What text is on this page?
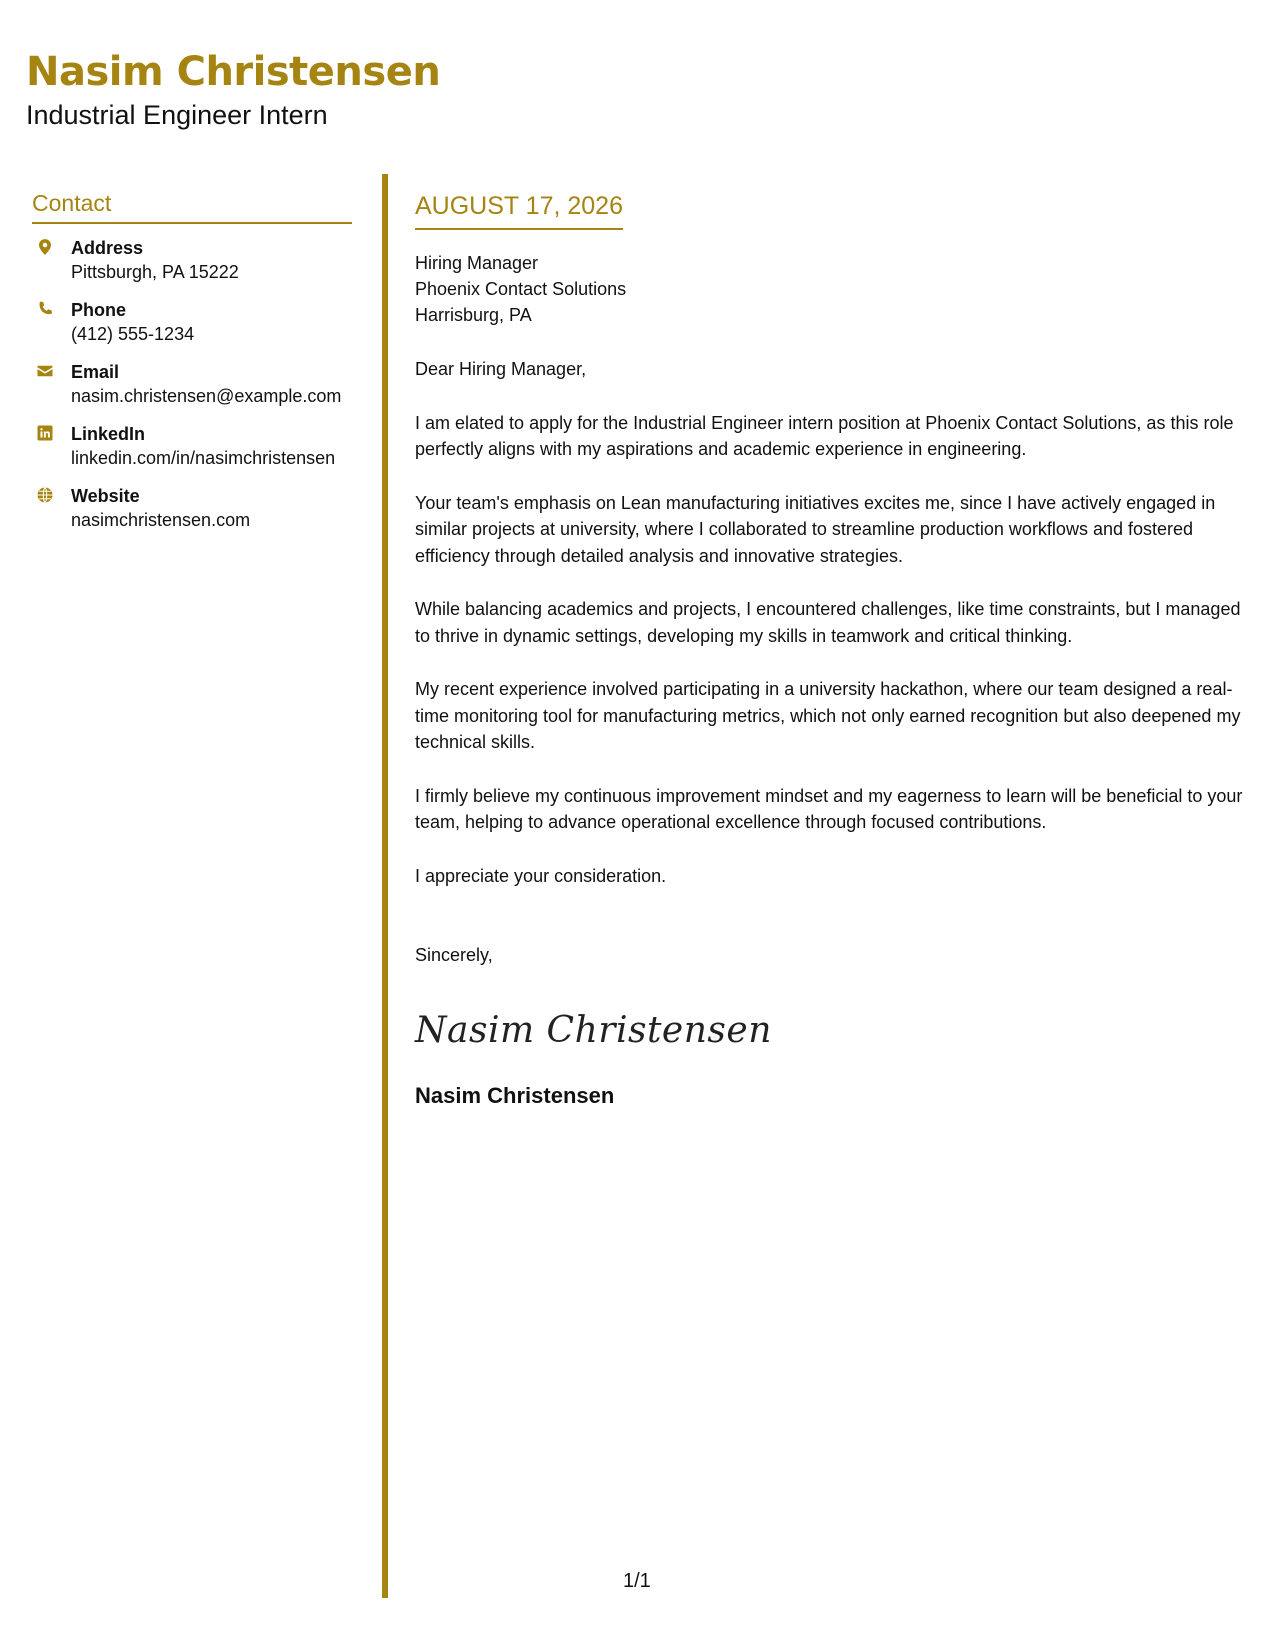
Nasim Christensen
Industrial Engineer Intern
Contact
Address
Pittsburgh, PA 15222
Phone
(412) 555-1234
Email
nasim.christensen@example.com
LinkedIn
linkedin.com/in/nasimchristensen
Website
nasimchristensen.com
AUGUST 17, 2026
Hiring Manager
Phoenix Contact Solutions
Harrisburg, PA
Dear Hiring Manager,

I am elated to apply for the Industrial Engineer intern position at Phoenix Contact Solutions, as this role perfectly aligns with my aspirations and academic experience in engineering.

Your team's emphasis on Lean manufacturing initiatives excites me, since I have actively engaged in similar projects at university, where I collaborated to streamline production workflows and fostered efficiency through detailed analysis and innovative strategies.

While balancing academics and projects, I encountered challenges, like time constraints, but I managed to thrive in dynamic settings, developing my skills in teamwork and critical thinking.

My recent experience involved participating in a university hackathon, where our team designed a real-time monitoring tool for manufacturing metrics, which not only earned recognition but also deepened my technical skills.

I firmly believe my continuous improvement mindset and my eagerness to learn will be beneficial to your team, helping to advance operational excellence through focused contributions.

I appreciate your consideration.

Sincerely,
Nasim Christensen
Nasim Christensen
1/1
